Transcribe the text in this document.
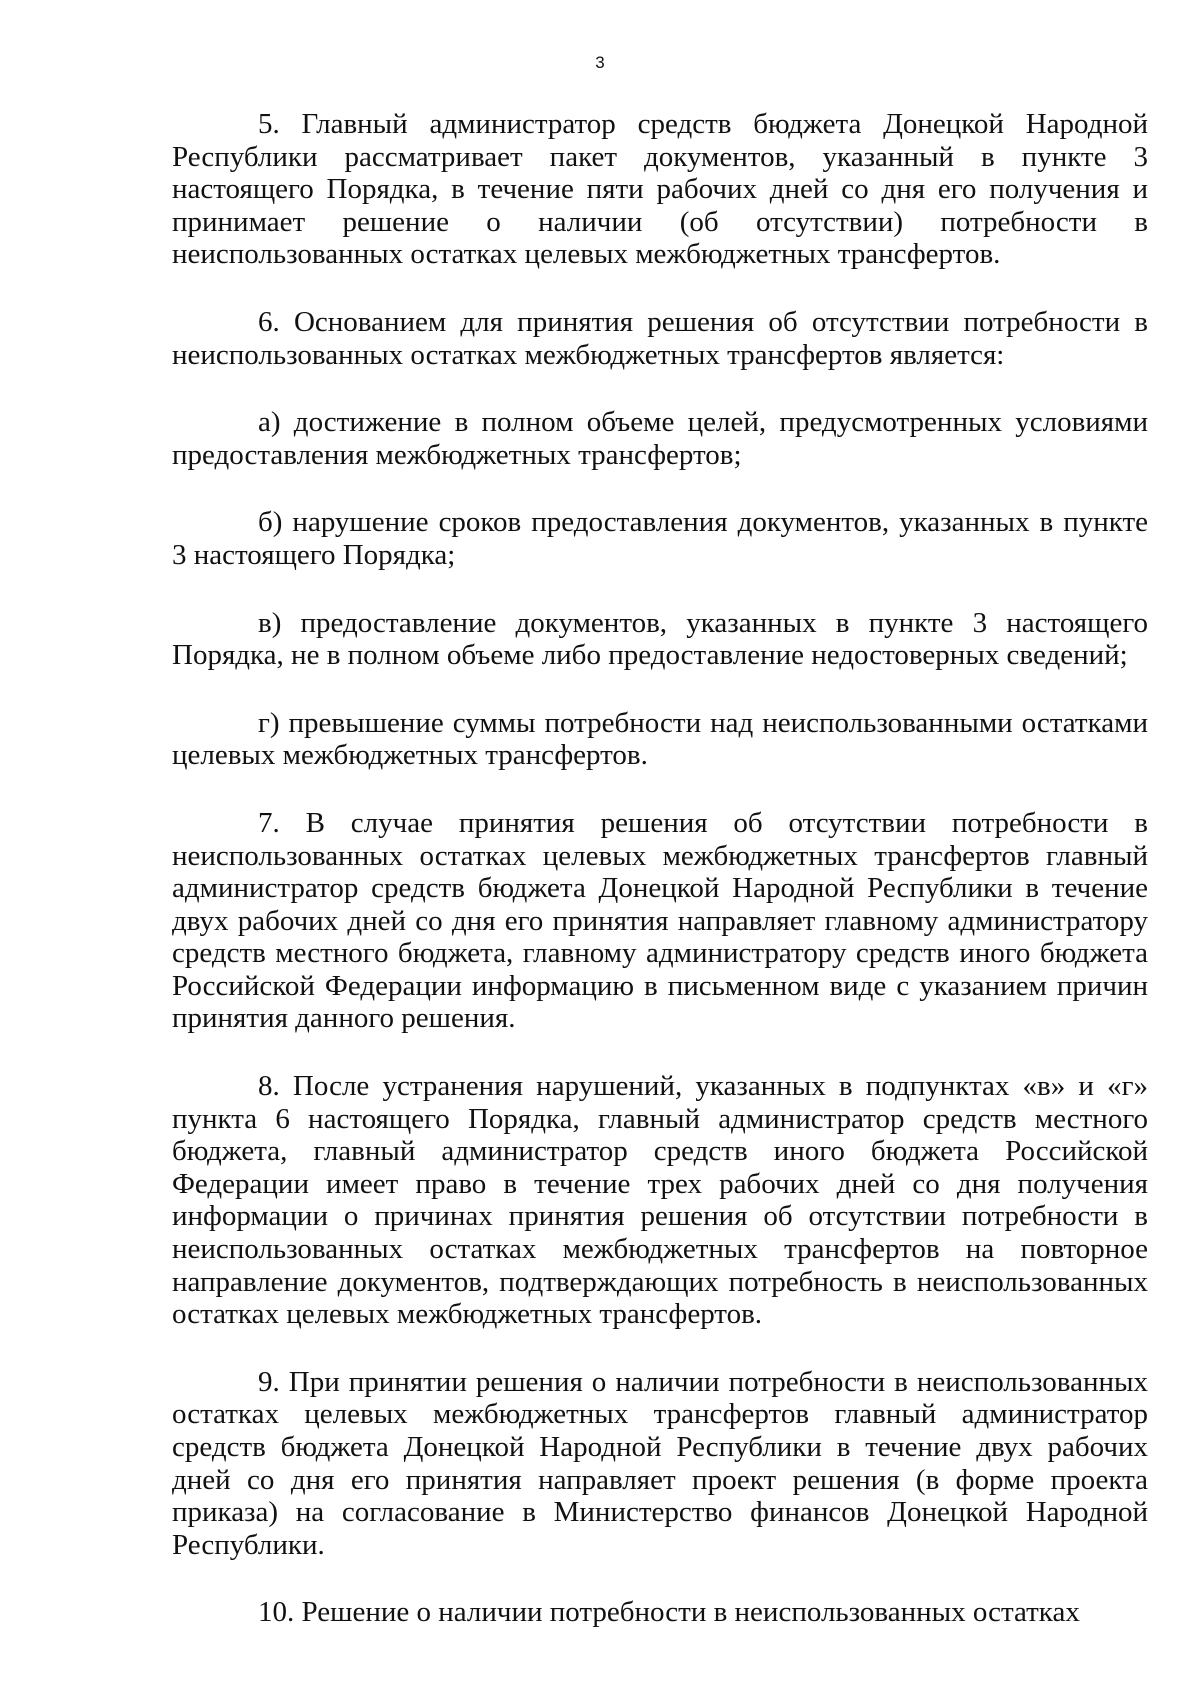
3

5. Главный администратор средств бюджета Донецкой Народной Республики рассматривает пакет документов, указанный в пункте 3 настоящего Порядка, в течение пяти рабочих дней со дня его получения и принимает решение о наличии (об отсутствии) потребности в неиспользованных остатках целевых межбюджетных трансфертов.

6. Основанием для принятия решения об отсутствии потребности в неиспользованных остатках межбюджетных трансфертов является:

а) достижение в полном объеме целей, предусмотренных условиями предоставления межбюджетных трансфертов;

б) нарушение сроков предоставления документов, указанных в пункте 3 настоящего Порядка;

в) предоставление документов, указанных в пункте 3 настоящего Порядка, не в полном объеме либо предоставление недостоверных сведений;

г) превышение суммы потребности над неиспользованными остатками целевых межбюджетных трансфертов.

7. В случае принятия решения об отсутствии потребности в неиспользованных остатках целевых межбюджетных трансфертов главный администратор средств бюджета Донецкой Народной Республики в течение двух рабочих дней со дня его принятия направляет главному администратору средств местного бюджета, главному администратору средств иного бюджета Российской Федерации информацию в письменном виде с указанием причин принятия данного решения.

8. После устранения нарушений, указанных в подпунктах «в» и «г» пункта 6 настоящего Порядка, главный администратор средств местного бюджета, главный администратор средств иного бюджета Российской Федерации имеет право в течение трех рабочих дней со дня получения информации о причинах принятия решения об отсутствии потребности в неиспользованных остатках межбюджетных трансфертов на повторное направление документов, подтверждающих потребность в неиспользованных остатках целевых межбюджетных трансфертов.

9. При принятии решения о наличии потребности в неиспользованных остатках целевых межбюджетных трансфертов главный администратор средств бюджета Донецкой Народной Республики в течение двух рабочих дней со дня его принятия направляет проект решения (в форме проекта приказа) на согласование в Министерство финансов Донецкой Народной Республики.

10. Решение о наличии потребности в неиспользованных остатках
